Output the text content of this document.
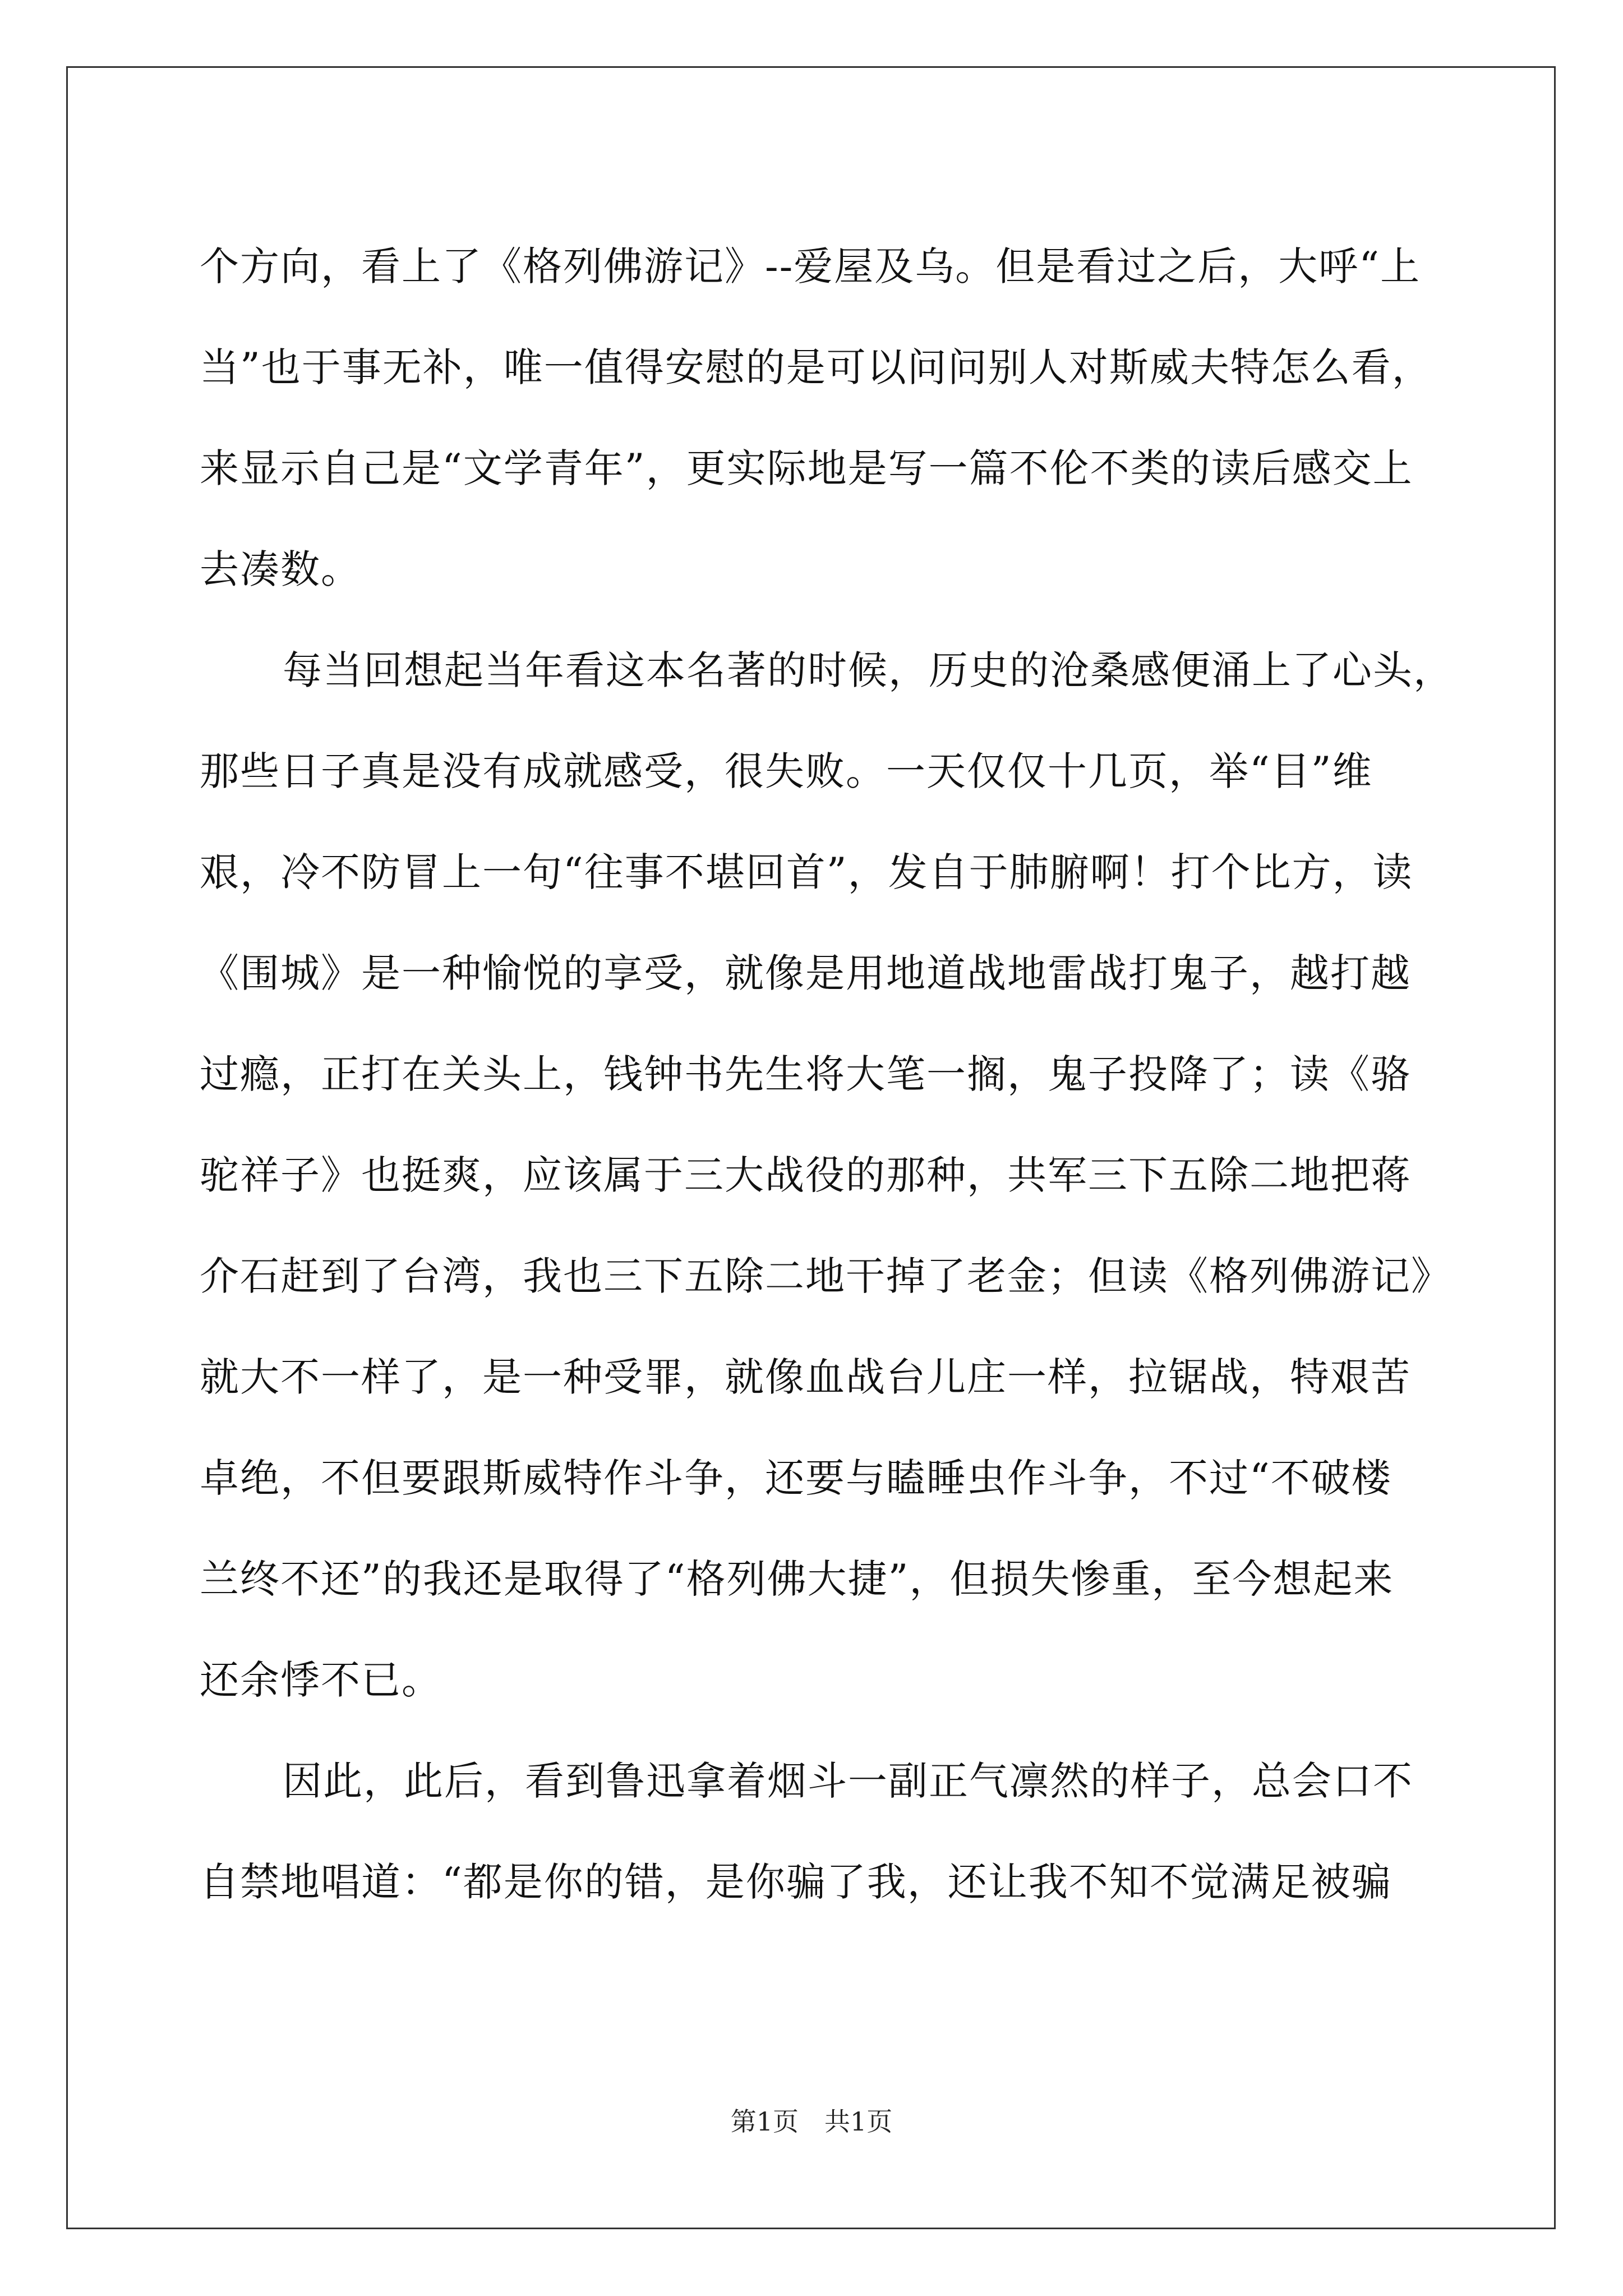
个方向，看上了《格列佛游记》--爱屋及乌。但是看过之后，大呼“上
当”也于事无补，唯一值得安慰的是可以问问别人对斯威夫特怎么看，
来显示自己是“文学青年”，更实际地是写一篇不伦不类的读后感交上
去凑数。
每当回想起当年看这本名著的时候，历史的沧桑感便涌上了心头，
那些日子真是没有成就感受，很失败。一天仅仅十几页，举“目”维
艰，冷不防冒上一句“往事不堪回首”，发自于肺腑啊！打个比方，读
《围城》是一种愉悦的享受，就像是用地道战地雷战打鬼子，越打越
过瘾，正打在关头上，钱钟书先生将大笔一搁，鬼子投降了；读《骆
驼祥子》也挺爽，应该属于三大战役的那种，共军三下五除二地把蒋
介石赶到了台湾，我也三下五除二地干掉了老金；但读《格列佛游记》
就大不一样了，是一种受罪，就像血战台儿庄一样，拉锯战，特艰苦
卓绝，不但要跟斯威特作斗争，还要与瞌睡虫作斗争，不过“不破楼
兰终不还”的我还是取得了“格列佛大捷”，但损失惨重，至今想起来
还余悸不已。
因此，此后，看到鲁迅拿着烟斗一副正气凛然的样子，总会口不
自禁地唱道：“都是你的错，是你骗了我，还让我不知不觉满足被骗
第1页　共1页
